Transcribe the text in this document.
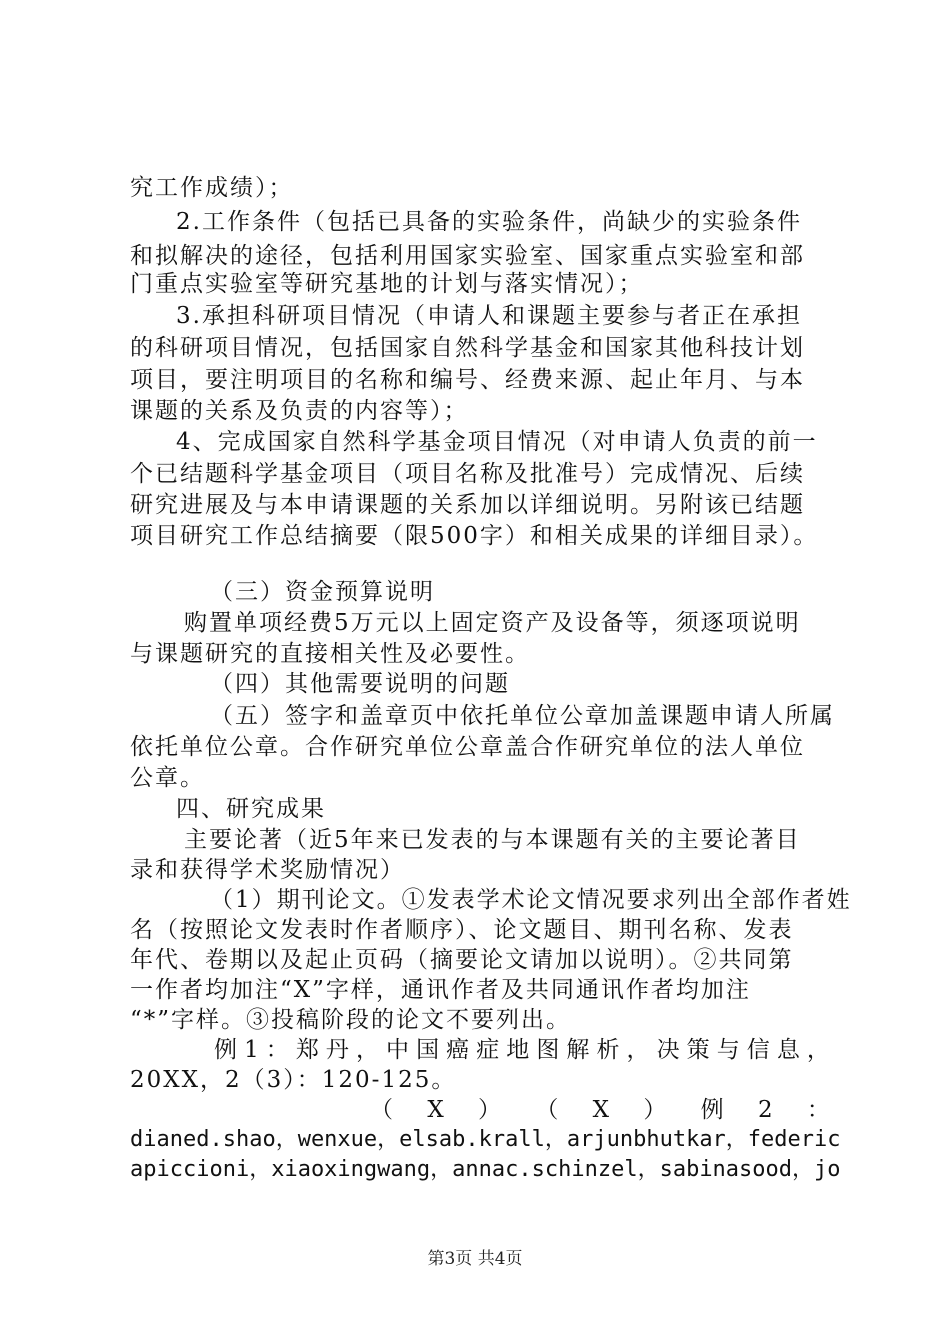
究工作成绩）；
2.工作条件（包括已具备的实验条件，尚缺少的实验条件
和拟解决的途径，包括利用国家实验室、国家重点实验室和部
门重点实验室等研究基地的计划与落实情况）；
3.承担科研项目情况（申请人和课题主要参与者正在承担
的科研项目情况，包括国家自然科学基金和国家其他科技计划
项目，要注明项目的名称和编号、经费来源、起止年月、与本
课题的关系及负责的内容等）；
4、完成国家自然科学基金项目情况（对申请人负责的前一
个已结题科学基金项目（项目名称及批准号）完成情况、后续
研究进展及与本申请课题的关系加以详细说明。另附该已结题
项目研究工作总结摘要（限500字）和相关成果的详细目录）。
（三）资金预算说明
购置单项经费5万元以上固定资产及设备等，须逐项说明
与课题研究的直接相关性及必要性。
（四）其他需要说明的问题
（五）签字和盖章页中依托单位公章加盖课题申请人所属
依托单位公章。合作研究单位公章盖合作研究单位的法人单位
公章。
四、研究成果
主要论著（近5年来已发表的与本课题有关的主要论著目
录和获得学术奖励情况）
（1）期刊论文。①发表学术论文情况要求列出全部作者姓
名（按照论文发表时作者顺序）、论文题目、期刊名称、发表
年代、卷期以及起止页码（摘要论文请加以说明）。②共同第
一作者均加注“X”字样，通讯作者及共同通讯作者均加注
“*”字样。③投稿阶段的论文不要列出。
例 1 ： 郑 丹 ， 中 国 癌 症 地 图 解 析 ， 决 策 与 信 息 ，
20XX，2（3）：120-125。
（ X ） （ X ） 例 2 ：
dianed.shao，wenxue，elsab.krall，arjunbhutkar，federic
apiccioni，xiaoxingwang，annac.schinzel，sabinasood，jo
第3页 共4页
